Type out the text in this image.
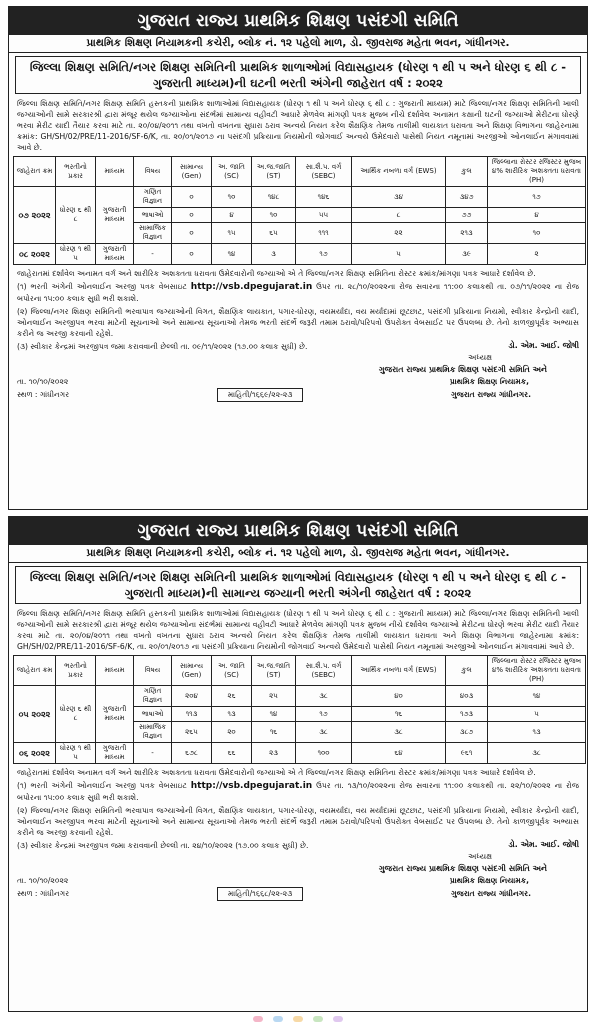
ગુજરાત રાજ્ય પ્રાથમિક શિક્ષણ પસંદગી સમિતિ
પ્રાથમિક શિક્ષણ નિયામકની કચેરી, બ્લોક નં. ૧૨ પહેલો માળ, ડો. જીવરાજ મહેતા ભવન, ગાંધીનગર.
જિલ્લા શિક્ષણ સમિતિ/નગર શિક્ષણ સમિતિની પ્રાથમિક શાળાઓમાં વિદ્યાસહાયક (ધોરણ ૧ થી ૫ અને ધોરણ ૬ થી ૮ - ગુજરાતી માધ્યમ)ની ઘટની ભરતી અંગેની જાહેરાત વર્ષ : ૨૦૨૨
જિલ્લા શિક્ષણ સમિતિ/નગર શિક્ષણ સમિતિ હસ્તકની પ્રાથમિક શાળાઓમાં વિદ્યાસહાયક (ધોરણ ૧ થી ૫ અને ધોરણ ૬ થી ૮ : ગુજરાતી માધ્યમ) માટે જિલ્લા/નગર શિક્ષણ સમિતિની ખાલી જગ્યાઓની સામે સરકારશ્રી દ્વારા મંજૂર થયેલ જગ્યાઓના સંદર્ભમાં સામાન્ય વહીવટી આધારે મેળવેલ માંગણી પત્રક મુજબ નીચે દર્શાવેલ અનામત કક્ષાની ઘટની જગ્યાઓ મેરીટના ધોરણે ભરવા મેરીટ યાદી તૈયાર કરવા માટે તા. ૨૦/૦૪/૨૦૧૧ તથા વખતો વખતના સુધારા ઠરાવ અન્વયે નિયત કરેલ શૈક્ષણિક તેમજ તાલીમી લાયકાત ધરાવતા અને શિક્ષણ વિભાગના જાહેરનામા ક્રમાંક: GH/SH/02/PRE/11-2016/SF-6/K, તા. ૨૦/૦૧/૨૦૧૭ ના પસંદગી પ્રક્રિયાના નિયમોની જોગવાઈ અન્વયે ઉમેદવારો પાસેથી નિયત નમૂનામાં અરજીઓ ઓનલાઈન મંગાવવામાં આવે છે.
જાહેરાત ક્રમ	ભરતીનો પ્રકાર	માધ્યમ	વિષય	સામાન્ય (Gen)	અ. જાતિ (SC)	અ.જ.જાતિ (ST)	સા.શૈ.પ. વર્ગ (SEBC)	આર્થિક નબળા વર્ગ (EWS)	કુલ	જિલ્લાના રોસ્ટર રજિસ્ટર મુજબ ૪% શારીરિક અશક્તતા ધરાવતા (PH)
૦૭ ૨૦૨૨	ધોરણ ૬ થી ૮	ગુજરાતી માધ્યમ	ગણિત વિજ્ઞાન	૦	૧૦	૧૪૮	૧૪૬	૩૪	૩૪૭	૧૭
			ભાષાઓ	૦	૪	૧૦	૫૫	૮	૭૭	૪
			સામાજિક વિજ્ઞાન	૦	૧૫	૬૫	૧૧૧	૨૨	૨૧૩	૧૦
૦૮ ૨૦૨૨	ધોરણ ૧ થી ૫	ગુજરાતી માધ્યમ	-	૦	૧૪	૩	૧૭	૫	૩૯	૨
જાહેરાતમાં દર્શાવેલ અનામત વર્ગ અને શારીરિક અશક્તતા ધરાવતા ઉમેદવારોની જગ્યાઓ એ તે જિલ્લા/નગર શિક્ષણ સમિતિના રોસ્ટર ક્રમાંક/માંગણા પત્રક આધારે દર્શાવેલ છે.
(૧) ભરતી અંગેની ઓનલાઈન અરજી પત્રક વેબસાઇટ http://vsb.dpegujarat.in ઉપર તા. ૨૮/૧૦/૨૦૨૨ના રોજ સવારના ૧૧:૦૦ કલાકથી તા. ૦૭/૧૧/૨૦૨૨ ના રોજ બપોરના ૧૫:૦૦ કલાક સુધી ભરી શકાશે.
(૨) જિલ્લા/નગર શિક્ષણ સમિતિની ભરવાપાત્ર જગ્યાઓની વિગત, શૈક્ષણિક લાયકાત, પગાર-ધોરણ, વયમર્યાદા, વય મર્યાદામાં છૂટછાટ, પસંદગી પ્રક્રિયાના નિયમો, સ્વીકાર કેન્દ્રોની યાદી, ઓનલાઈન અરજીપત્ર ભરવા માટેની સૂચનાઓ અને સામાન્ય સૂચનાઓ તેમજ ભરતી સંદર્ભે જરૂરી તમામ ઠરાવો/પરિપત્રો ઉપરોક્ત વેબસાઈટ પર ઉપલબ્ધ છે. તેનો કાળજીપૂર્વક અભ્યાસ કરીને જ અરજી કરવાની રહેશે.
(૩) સ્વીકાર કેન્દ્રમાં અરજીપત્ર જમા કરાવવાની છેલ્લી તા. ૦૯/૧૧/૨૦૨૨ (૧૭.૦૦ કલાક સુધી) છે.	ડો. એમ. આઈ. જોષી
અધ્યક્ષ
ગુજરાત રાજ્ય પ્રાથમિક શિક્ષણ પસંદગી સમિતિ અને
તા. ૧૦/૧૦/૨૦૨૨	પ્રાથમિક શિક્ષણ નિયામક,
સ્થળ : ગાંધીનગર	માહિતી/૧૬૬૯/૨૨-૨૩	ગુજરાત રાજ્ય ગાંધીનગર.
ગુજરાત રાજ્ય પ્રાથમિક શિક્ષણ પસંદગી સમિતિ
પ્રાથમિક શિક્ષણ નિયામકની કચેરી, બ્લોક નં. ૧૨ પહેલો માળ, ડો. જીવરાજ મહેતા ભવન, ગાંધીનગર.
જિલ્લા શિક્ષણ સમિતિ/નગર શિક્ષણ સમિતિની પ્રાથમિક શાળાઓમાં વિદ્યાસહાયક (ધોરણ ૧ થી ૫ અને ધોરણ ૬ થી ૮ - ગુજરાતી માધ્યમ)ની સામાન્ય જગ્યાની ભરતી અંગેની જાહેરાત વર્ષ : ૨૦૨૨
જિલ્લા શિક્ષણ સમિતિ/નગર શિક્ષણ સમિતિ હસ્તકની પ્રાથમિક શાળાઓમાં વિદ્યાસહાયક (ધોરણ ૧ થી ૫ અને ધોરણ ૬ થી ૮ : ગુજરાતી માધ્યમ) માટે જિલ્લા/નગર શિક્ષણ સમિતિની ખાલી જગ્યાઓની સામે સરકારશ્રી દ્વારા મંજૂર થયેલ જગ્યાઓના સંદર્ભમાં સામાન્ય વહીવટી આધારે મેળવેલ માંગણી પત્રક મુજબ નીચે દર્શાવેલ જગ્યાઓ મેરીટના ધોરણે ભરવા મેરીટ યાદી તૈયાર કરવા માટે તા. ૨૦/૦૪/૨૦૧૧ તથા વખતો વખતના સુધારા ઠરાવ અન્વયે નિયત કરેલ શૈક્ષણિક તેમજ તાલીમી લાયકાત ધરાવતા અને શિક્ષણ વિભાગના જાહેરનામા ક્રમાંક: GH/SH/02/PRE/11-2016/SF-6/K, તા. ૨૦/૦૧/૨૦૧૭ ના પસંદગી પ્રક્રિયાના નિયમોની જોગવાઈ અન્વયે ઉમેદવારો પાસેથી નિયત નમૂનામાં અરજીઓ ઓનલાઈન મંગાવવામાં આવે છે.
જાહેરાત ક્રમ	ભરતીનો પ્રકાર	માધ્યમ	વિષય	સામાન્ય (Gen)	અ. જાતિ (SC)	અ.જ.જાતિ (ST)	સા.શૈ.પ. વર્ગ (SEBC)	આર્થિક નબળા વર્ગ (EWS)	કુલ	જિલ્લાના રોસ્ટર રજિસ્ટર મુજબ ૪% શારીરિક અશક્તતા ધરાવતા (PH)
૦૫ ૨૦૨૨	ધોરણ ૬ થી ૮	ગુજરાતી માધ્યમ	ગણિત વિજ્ઞાન	૨૦૪	૨૬	૨૫	૩૮	૪૦	૪૦૩	૧૪
			ભાષાઓ	૧૧૩	૧૩	૧૪	૧૭	૧૬	૧૭૩	૫
			સામાજિક વિજ્ઞાન	૨૬૫	૨૦	૧૬	૩૮	૩૮	૩૮૭	૧૩
૦૬ ૨૦૨૨	ધોરણ ૧ થી ૫	ગુજરાતી માધ્યમ	-	૬૭૮	૬૬	૨૩	૧૦૦	૬૪	૯૬૧	૩૮
જાહેરાતમાં દર્શાવેલ અનામત વર્ગ અને શારીરિક અશક્તતા ધરાવતા ઉમેદવારોની જગ્યાઓ એ તે જિલ્લા/નગર શિક્ષણ સમિતિના રોસ્ટર ક્રમાંક/માંગણા પત્રક આધારે દર્શાવેલ છે.
(૧) ભરતી અંગેની ઓનલાઈન અરજી પત્રક વેબસાઇટ http://vsb.dpegujarat.in ઉપર તા. ૧૩/૧૦/૨૦૨૨ના રોજ સવારના ૧૧:૦૦ કલાકથી તા. ૨૨/૧૦/૨૦૨૨ ના રોજ બપોરના ૧૫:૦૦ કલાક સુધી ભરી શકાશે.
(૨) જિલ્લા/નગર શિક્ષણ સમિતિની ભરવાપાત્ર જગ્યાઓની વિગત, શૈક્ષણિક લાયકાત, પગાર-ધોરણ, વયમર્યાદા, વય મર્યાદામાં છૂટછાટ, પસંદગી પ્રક્રિયાના નિયમો, સ્વીકાર કેન્દ્રોની યાદી, ઓનલાઈન અરજીપત્ર ભરવા માટેની સૂચનાઓ અને સામાન્ય સૂચનાઓ તેમજ ભરતી સંદર્ભે જરૂરી તમામ ઠરાવો/પરિપત્રો ઉપરોક્ત વેબસાઈટ પર ઉપલબ્ધ છે. તેનો કાળજીપૂર્વક અભ્યાસ કરીને જ અરજી કરવાની રહેશે.
(૩) સ્વીકાર કેન્દ્રમાં અરજીપત્ર જમા કરાવવાની છેલ્લી તા. ૨૪/૧૦/૨૦૨૨ (૧૭.૦૦ કલાક સુધી) છે.	ડો. એમ. આઈ. જોષી
અધ્યક્ષ
ગુજરાત રાજ્ય પ્રાથમિક શિક્ષણ પસંદગી સમિતિ અને
તા. ૧૦/૧૦/૨૦૨૨	પ્રાથમિક શિક્ષણ નિયામક,
સ્થળ : ગાંધીનગર	માહિતી/૧૬૬૮/૨૨-૨૩	ગુજરાત રાજ્ય ગાંધીનગર.
